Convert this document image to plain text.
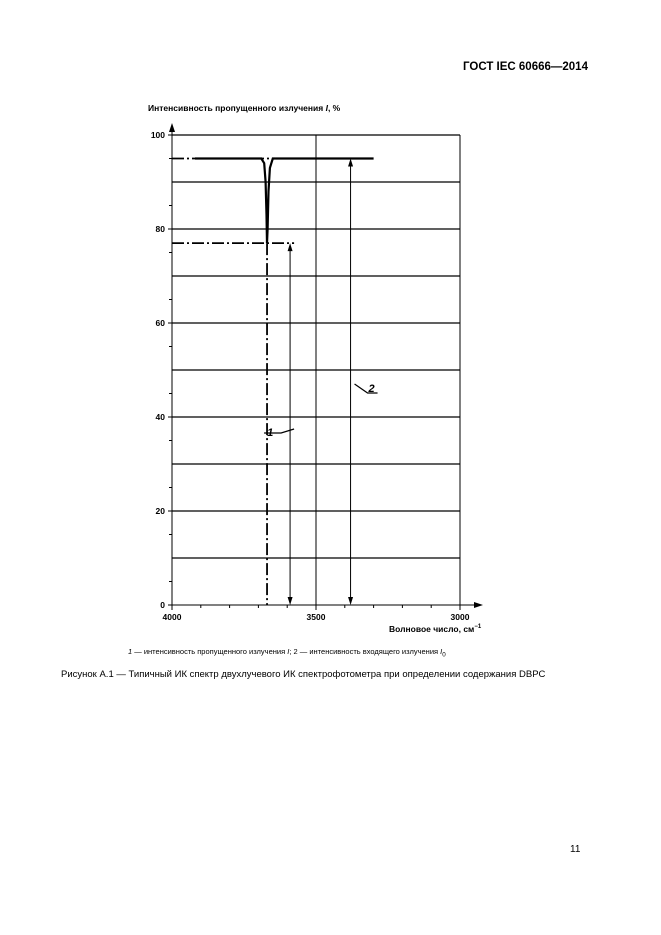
ГОСТ IEC 60666—2014
Интенсивность пропущенного излучения I, %
0
20
40
60
80
100
4000	3500	3000
1
2
Волновое число, $см^{-1}$
1 — интенсивность пропущенного излучения I; 2 — интенсивность входящего излучения $I_0$
Рисунок А.1 — Типичный ИК спектр двухлучевого ИК спектрофотометра при определении содержания DBPC
11
